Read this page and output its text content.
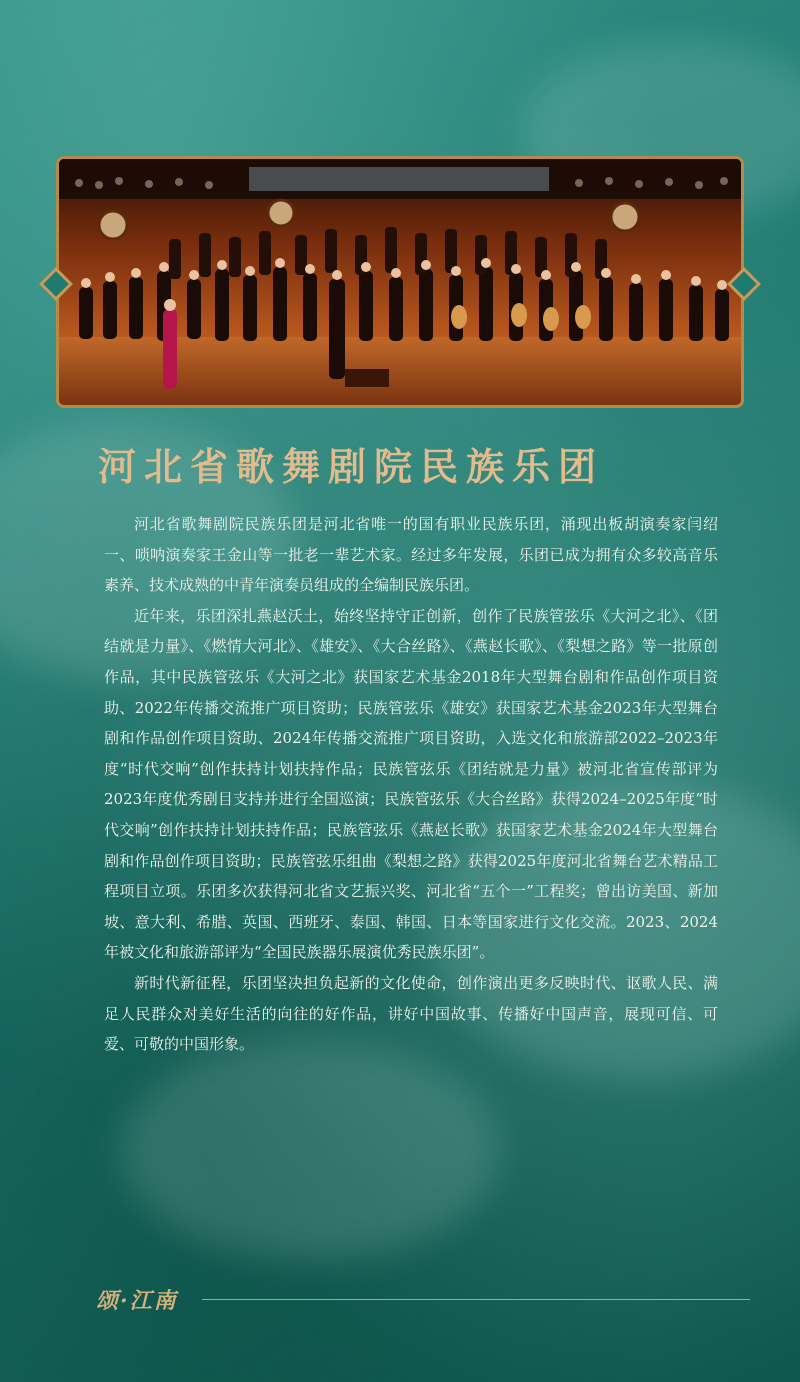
河北省歌舞剧院民族乐团

河北省歌舞剧院民族乐团是河北省唯一的国有职业民族乐团，涌现出板胡演奏家闫绍一、唢呐演奏家王金山等一批老一辈艺术家。经过多年发展，乐团已成为拥有众多较高音乐素养、技术成熟的中青年演奏员组成的全编制民族乐团。

近年来，乐团深扎燕赵沃土，始终坚持守正创新，创作了民族管弦乐《大河之北》、《团结就是力量》、《燃情大河北》、《雄安》、《大合丝路》、《燕赵长歌》、《梨想之路》等一批原创作品，其中民族管弦乐《大河之北》获国家艺术基金2018年大型舞台剧和作品创作项目资助、2022年传播交流推广项目资助；民族管弦乐《雄安》获国家艺术基金2023年大型舞台剧和作品创作项目资助、2024年传播交流推广项目资助，入选文化和旅游部2022–2023年度“时代交响”创作扶持计划扶持作品；民族管弦乐《团结就是力量》被河北省宣传部评为2023年度优秀剧目支持并进行全国巡演；民族管弦乐《大合丝路》获得2024–2025年度“时代交响”创作扶持计划扶持作品；民族管弦乐《燕赵长歌》获国家艺术基金2024年大型舞台剧和作品创作项目资助；民族管弦乐组曲《梨想之路》获得2025年度河北省舞台艺术精品工程项目立项。乐团多次获得河北省文艺振兴奖、河北省“五个一”工程奖；曾出访美国、新加坡、意大利、希腊、英国、西班牙、泰国、韩国、日本等国家进行文化交流。2023、2024年被文化和旅游部评为“全国民族器乐展演优秀民族乐团”。

新时代新征程，乐团坚决担负起新的文化使命，创作演出更多反映时代、讴歌人民、满足人民群众对美好生活的向往的好作品，讲好中国故事、传播好中国声音，展现可信、可爱、可敬的中国形象。

颂·江南
